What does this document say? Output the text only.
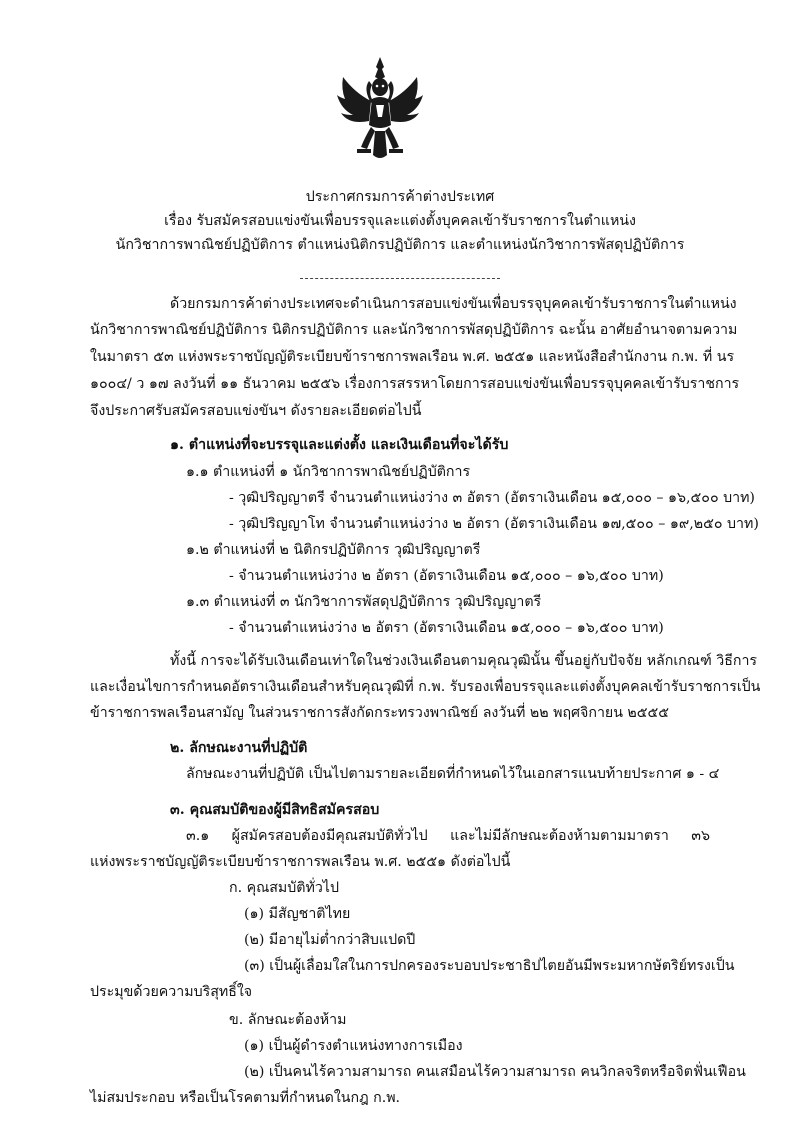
ประกาศกรมการค้าต่างประเทศ
เรื่อง รับสมัครสอบแข่งขันเพื่อบรรจุและแต่งตั้งบุคคลเข้ารับราชการในตำแหน่ง
นักวิชาการพาณิชย์ปฏิบัติการ ตำแหน่งนิติกรปฏิบัติการ และตำแหน่งนักวิชาการพัสดุปฏิบัติการ
ด้วยกรมการค้าต่างประเทศจะดำเนินการสอบแข่งขันเพื่อบรรจุบุคคลเข้ารับราชการในตำแหน่ง
นักวิชาการพาณิชย์ปฏิบัติการ นิติกรปฏิบัติการ และนักวิชาการพัสดุปฏิบัติการ ฉะนั้น อาศัยอำนาจตามความ
ในมาตรา ๕๓ แห่งพระราชบัญญัติระเบียบข้าราชการพลเรือน พ.ศ. ๒๕๕๑ และหนังสือสำนักงาน ก.พ. ที่ นร
๑๐๐๔/ ว ๑๗ ลงวันที่ ๑๑ ธันวาคม ๒๕๕๖ เรื่องการสรรหาโดยการสอบแข่งขันเพื่อบรรจุบุคคลเข้ารับราชการ
จึงประกาศรับสมัครสอบแข่งขันฯ ดังรายละเอียดต่อไปนี้
๑. ตำแหน่งที่จะบรรจุและแต่งตั้ง และเงินเดือนที่จะได้รับ
๑.๑ ตำแหน่งที่ ๑ นักวิชาการพาณิชย์ปฏิบัติการ
- วุฒิปริญญาตรี จำนวนตำแหน่งว่าง ๓ อัตรา (อัตราเงินเดือน ๑๕,๐๐๐ – ๑๖,๕๐๐ บาท)
- วุฒิปริญญาโท จำนวนตำแหน่งว่าง ๒ อัตรา (อัตราเงินเดือน ๑๗,๕๐๐ – ๑๙,๒๕๐ บาท)
๑.๒ ตำแหน่งที่ ๒ นิติกรปฏิบัติการ วุฒิปริญญาตรี
- จำนวนตำแหน่งว่าง ๒ อัตรา (อัตราเงินเดือน ๑๕,๐๐๐ – ๑๖,๕๐๐ บาท)
๑.๓ ตำแหน่งที่ ๓ นักวิชาการพัสดุปฏิบัติการ วุฒิปริญญาตรี
- จำนวนตำแหน่งว่าง ๒ อัตรา (อัตราเงินเดือน ๑๕,๐๐๐ – ๑๖,๕๐๐ บาท)
ทั้งนี้ การจะได้รับเงินเดือนเท่าใดในช่วงเงินเดือนตามคุณวุฒินั้น ขึ้นอยู่กับปัจจัย หลักเกณฑ์ วิธีการ
และเงื่อนไขการกำหนดอัตราเงินเดือนสำหรับคุณวุฒิที่ ก.พ. รับรองเพื่อบรรจุและแต่งตั้งบุคคลเข้ารับราชการเป็น
ข้าราชการพลเรือนสามัญ ในส่วนราชการสังกัดกระทรวงพาณิชย์ ลงวันที่ ๒๒ พฤศจิกายน ๒๕๕๕
๒. ลักษณะงานที่ปฏิบัติ
ลักษณะงานที่ปฏิบัติ เป็นไปตามรายละเอียดที่กำหนดไว้ในเอกสารแนบท้ายประกาศ ๑ - ๔
๓. คุณสมบัติของผู้มีสิทธิสมัครสอบ
๓.๑ ผู้สมัครสอบต้องมีคุณสมบัติทั่วไป และไม่มีลักษณะต้องห้ามตามมาตรา ๓๖
แห่งพระราชบัญญัติระเบียบข้าราชการพลเรือน พ.ศ. ๒๕๕๑ ดังต่อไปนี้
ก. คุณสมบัติทั่วไป
(๑) มีสัญชาติไทย
(๒) มีอายุไม่ต่ำกว่าสิบแปดปี
(๓) เป็นผู้เลื่อมใสในการปกครองระบอบประชาธิปไตยอันมีพระมหากษัตริย์ทรงเป็น
ประมุขด้วยความบริสุทธิ์ใจ
ข. ลักษณะต้องห้าม
(๑) เป็นผู้ดำรงตำแหน่งทางการเมือง
(๒) เป็นคนไร้ความสามารถ คนเสมือนไร้ความสามารถ คนวิกลจริตหรือจิตฟั่นเฟือน
ไม่สมประกอบ หรือเป็นโรคตามที่กำหนดในกฎ ก.พ.
